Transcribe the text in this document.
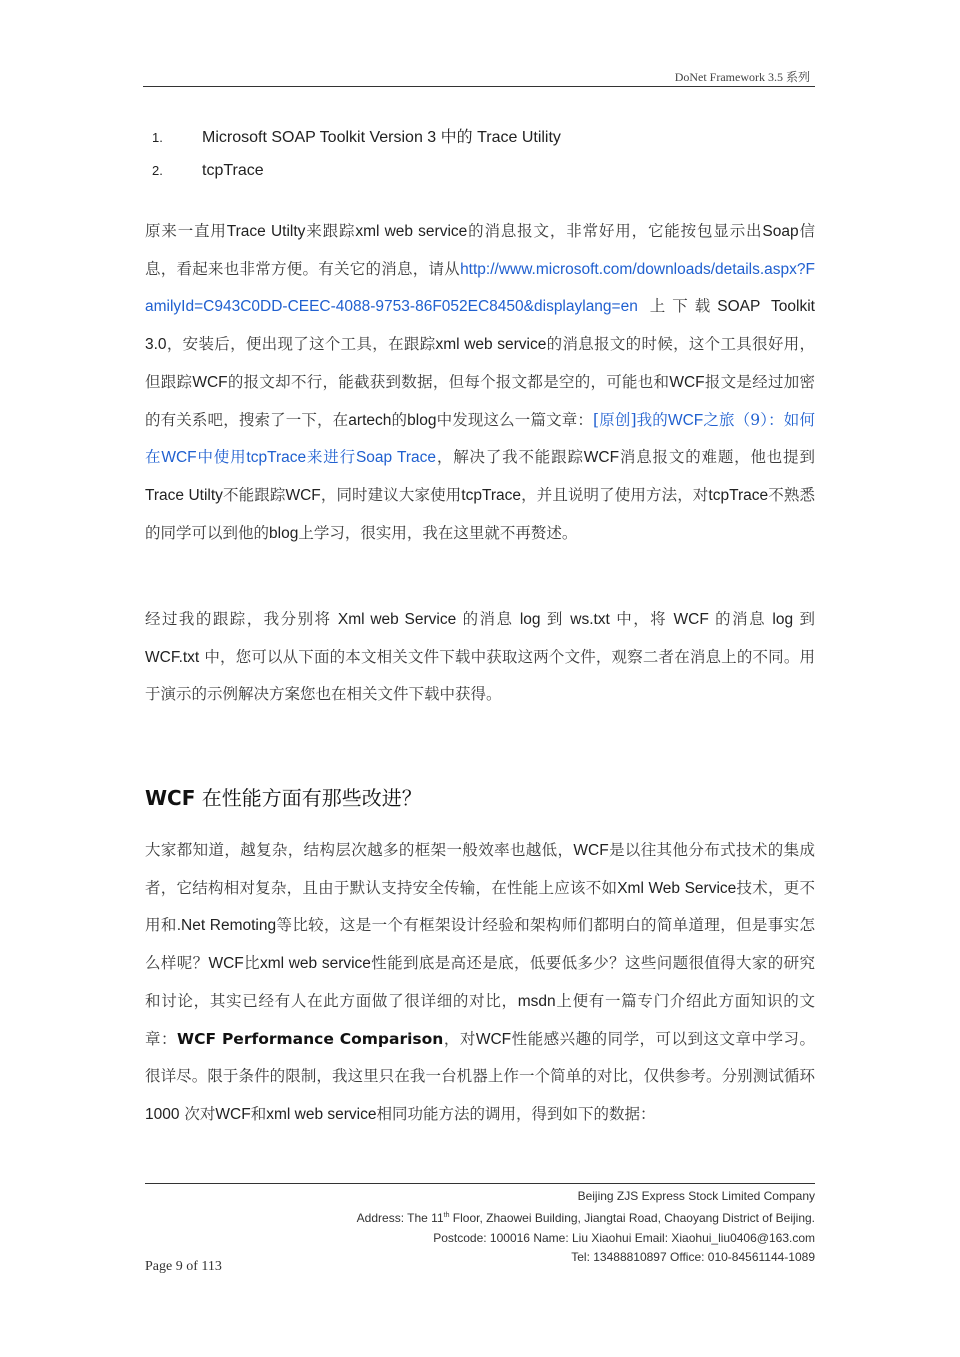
DoNet Framework 3.5 系列
1. Microsoft SOAP Toolkit Version 3 中的 Trace Utility
2. tcpTrace
原来一直用Trace Utilty来跟踪xml web service的消息报文，非常好用，它能按包显示出Soap信息，看起来也非常方便。有关它的消息，请从http://www.microsoft.com/downloads/details.aspx?FamilyId=C943C0DD-CEEC-4088-9753-86F052EC8450&displaylang=en 上下载SOAP Toolkit 3.0，安装后，便出现了这个工具，在跟踪xml web service的消息报文的时候，这个工具很好用，但跟踪WCF的报文却不行，能截获到数据，但每个报文都是空的，可能也和WCF报文是经过加密的有关系吧，搜索了一下，在artech的blog中发现这么一篇文章：[原创]我的WCF之旅（9）：如何在WCF中使用tcpTrace来进行Soap Trace，解决了我不能跟踪WCF消息报文的难题，他也提到Trace Utilty不能跟踪WCF，同时建议大家使用tcpTrace，并且说明了使用方法，对tcpTrace不熟悉的同学可以到他的blog上学习，很实用，我在这里就不再赘述。
经过我的跟踪，我分别将 Xml web Service 的消息 log 到 ws.txt 中，将 WCF 的消息 log 到 WCF.txt 中，您可以从下面的本文相关文件下载中获取这两个文件，观察二者在消息上的不同。用于演示的示例解决方案您也在相关文件下载中获得。
WCF 在性能方面有那些改进？
大家都知道，越复杂，结构层次越多的框架一般效率也越低，WCF是以往其他分布式技术的集成者，它结构相对复杂，且由于默认支持安全传输，在性能上应该不如Xml Web Service技术，更不用和.Net Remoting等比较，这是一个有框架设计经验和架构师们都明白的简单道理，但是事实怎么样呢？WCF比xml web service性能到底是高还是底，低要低多少？这些问题很值得大家的研究和讨论，其实已经有人在此方面做了很详细的对比，msdn上便有一篇专门介绍此方面知识的文章：WCF Performance Comparison，对WCF性能感兴趣的同学，可以到这文章中学习。很详尽。限于条件的限制，我这里只在我一台机器上作一个简单的对比，仅供参考。分别测试循环 1000 次对WCF和xml web service相同功能方法的调用，得到如下的数据：
Beijing ZJS Express Stock Limited Company
Address: The 11th Floor, Zhaowei Building, Jiangtai Road, Chaoyang District of Beijing.
Postcode: 100016 Name: Liu Xiaohui Email: Xiaohui_liu0406@163.com
Tel: 13488810897 Office: 010-84561144-1089
Page 9 of 113
